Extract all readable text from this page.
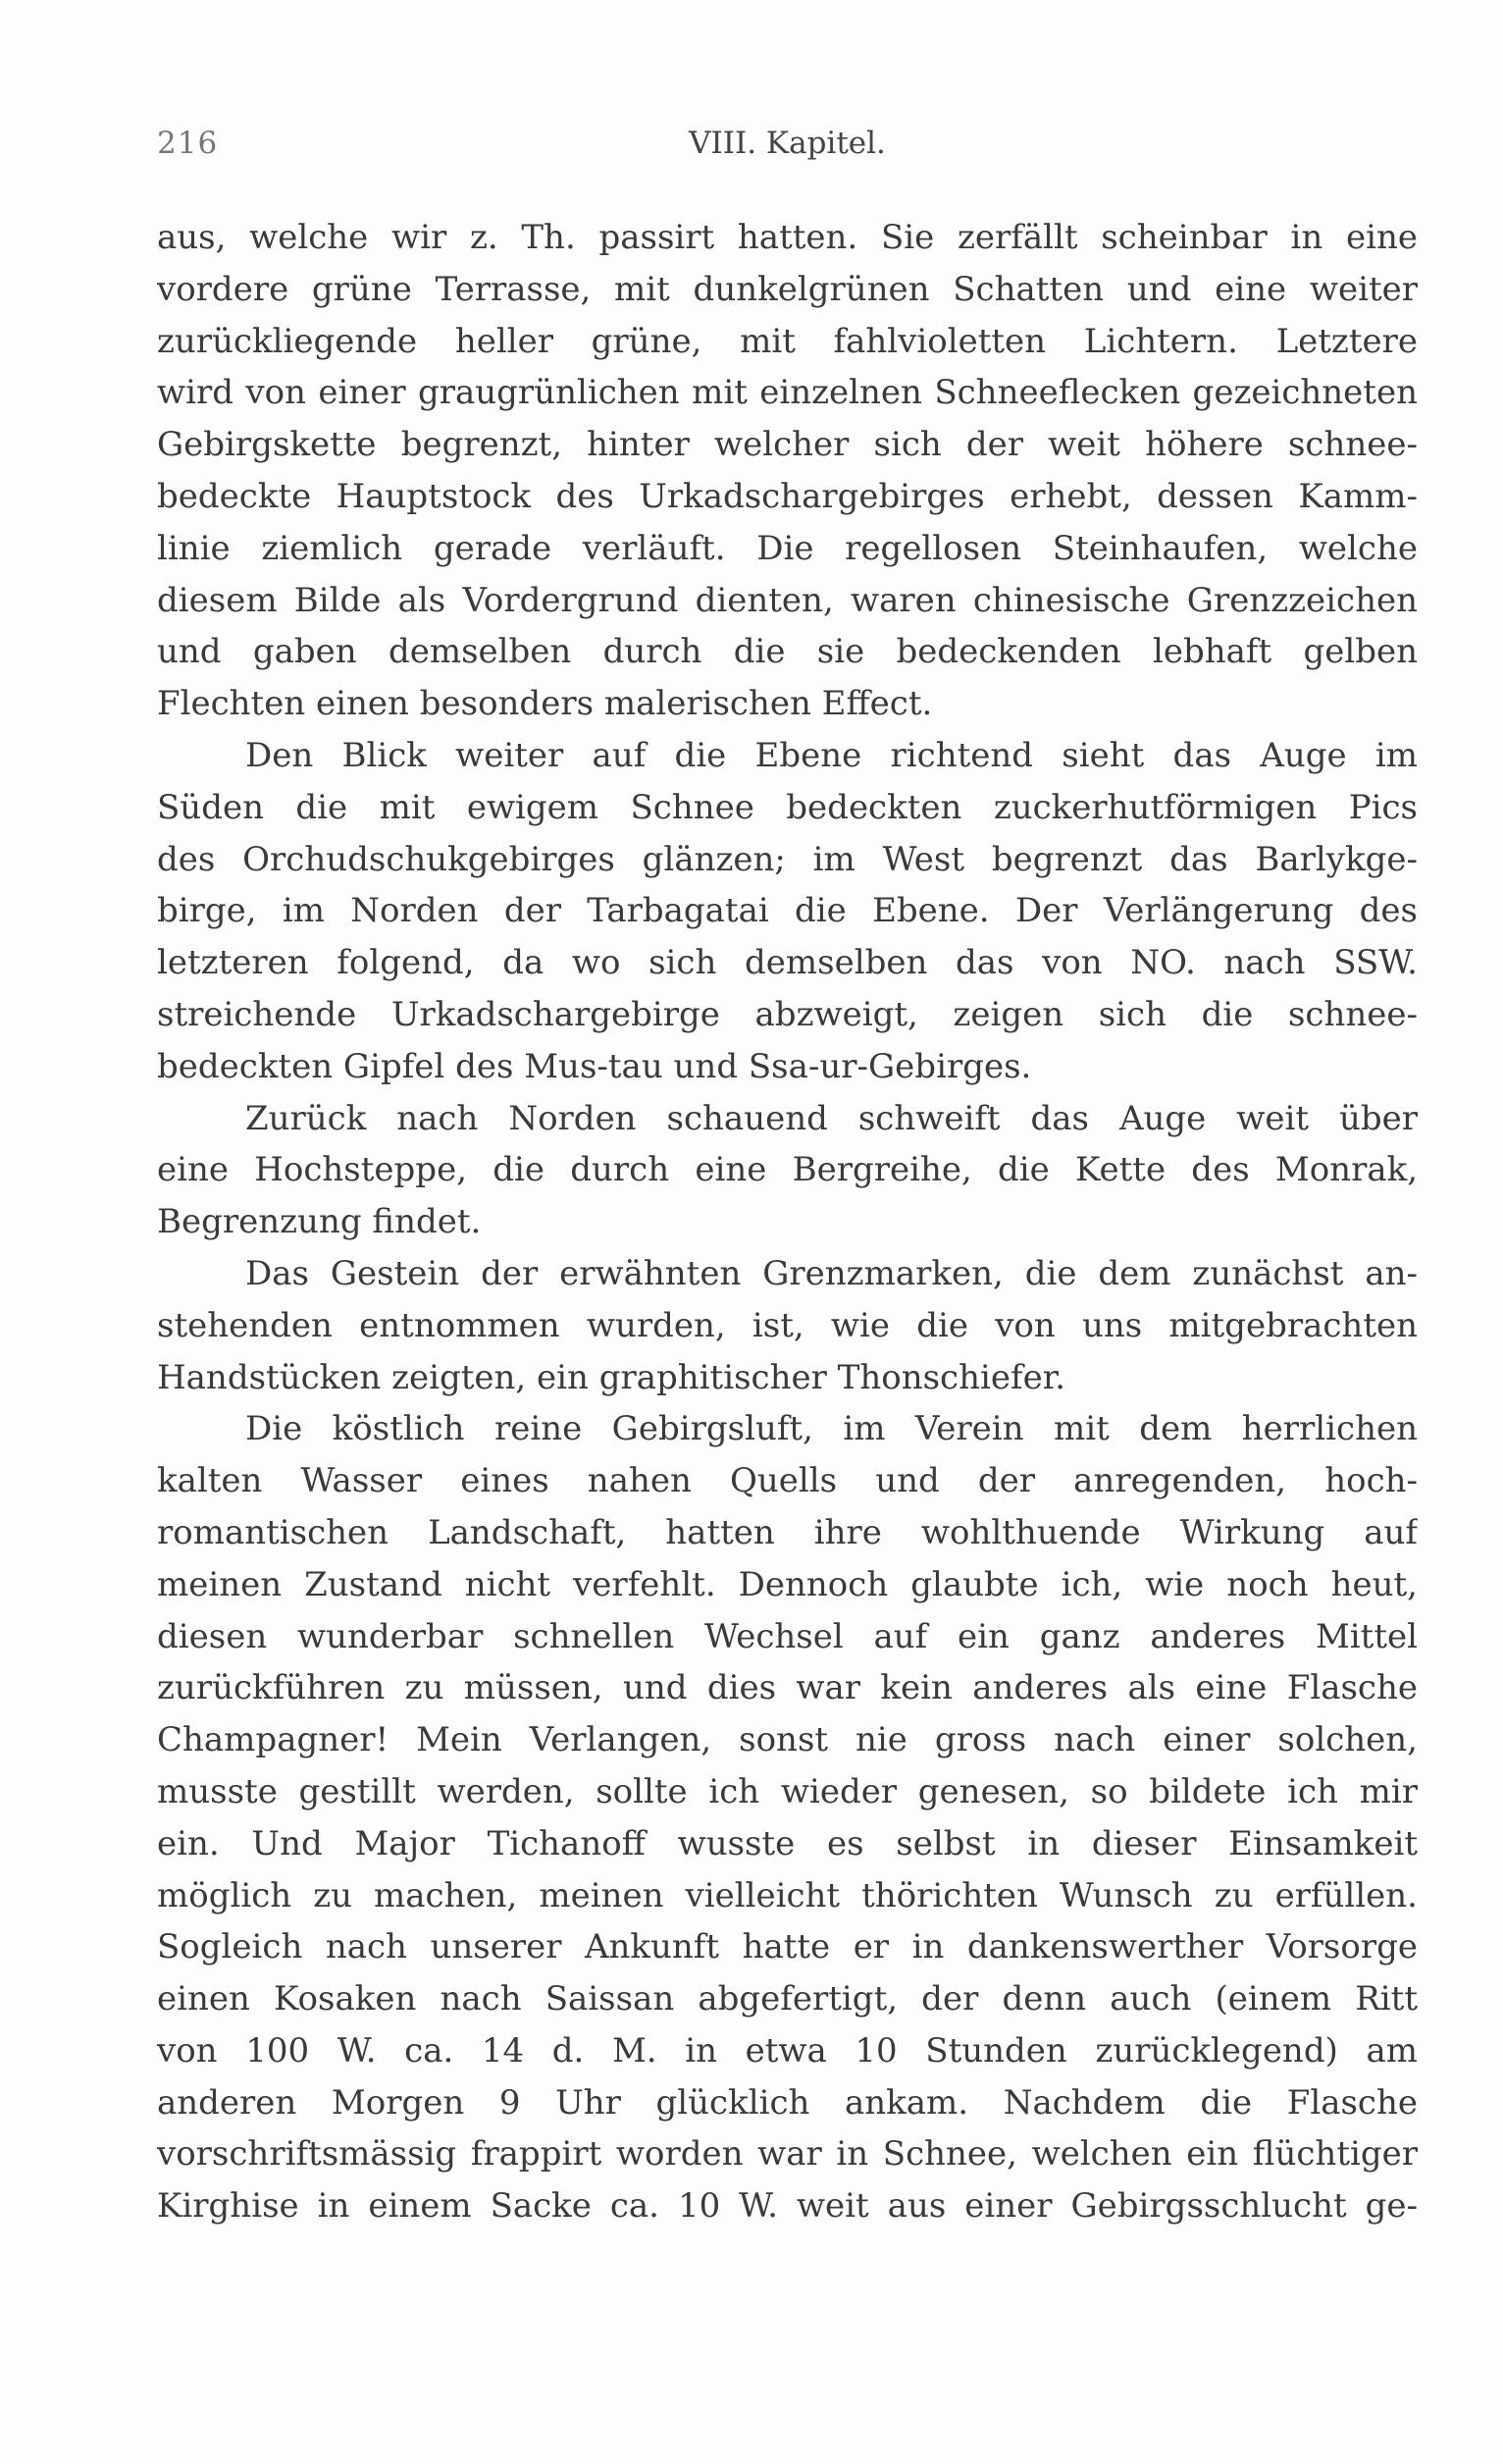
216	VIII. Kapitel.
aus, welche wir z. Th. passirt hatten. Sie zerfällt scheinbar in eine
vordere grüne Terrasse, mit dunkelgrünen Schatten und eine weiter
zurückliegende heller grüne, mit fahlvioletten Lichtern. Letztere
wird von einer graugrünlichen mit einzelnen Schneeflecken gezeichneten
Gebirgskette begrenzt, hinter welcher sich der weit höhere schnee-
bedeckte Hauptstock des Urkadschargebirges erhebt, dessen Kamm-
linie ziemlich gerade verläuft. Die regellosen Steinhaufen, welche
diesem Bilde als Vordergrund dienten, waren chinesische Grenzzeichen
und gaben demselben durch die sie bedeckenden lebhaft gelben
Flechten einen besonders malerischen Effect.
Den Blick weiter auf die Ebene richtend sieht das Auge im
Süden die mit ewigem Schnee bedeckten zuckerhutförmigen Pics
des Orchudschukgebirges glänzen; im West begrenzt das Barlykge-
birge, im Norden der Tarbagatai die Ebene. Der Verlängerung des
letzteren folgend, da wo sich demselben das von NO. nach SSW.
streichende Urkadschargebirge abzweigt, zeigen sich die schnee-
bedeckten Gipfel des Mus-tau und Ssa-ur-Gebirges.
Zurück nach Norden schauend schweift das Auge weit über
eine Hochsteppe, die durch eine Bergreihe, die Kette des Monrak,
Begrenzung findet.
Das Gestein der erwähnten Grenzmarken, die dem zunächst an-
stehenden entnommen wurden, ist, wie die von uns mitgebrachten
Handstücken zeigten, ein graphitischer Thonschiefer.
Die köstlich reine Gebirgsluft, im Verein mit dem herrlichen
kalten Wasser eines nahen Quells und der anregenden, hoch-
romantischen Landschaft, hatten ihre wohlthuende Wirkung auf
meinen Zustand nicht verfehlt. Dennoch glaubte ich, wie noch heut,
diesen wunderbar schnellen Wechsel auf ein ganz anderes Mittel
zurückführen zu müssen, und dies war kein anderes als eine Flasche
Champagner! Mein Verlangen, sonst nie gross nach einer solchen,
musste gestillt werden, sollte ich wieder genesen, so bildete ich mir
ein. Und Major Tichanoff wusste es selbst in dieser Einsamkeit
möglich zu machen, meinen vielleicht thörichten Wunsch zu erfüllen.
Sogleich nach unserer Ankunft hatte er in dankenswerther Vorsorge
einen Kosaken nach Saissan abgefertigt, der denn auch (einem Ritt
von 100 W. ca. 14 d. M. in etwa 10 Stunden zurücklegend) am
anderen Morgen 9 Uhr glücklich ankam. Nachdem die Flasche
vorschriftsmässig frappirt worden war in Schnee, welchen ein flüchtiger
Kirghise in einem Sacke ca. 10 W. weit aus einer Gebirgsschlucht ge-
